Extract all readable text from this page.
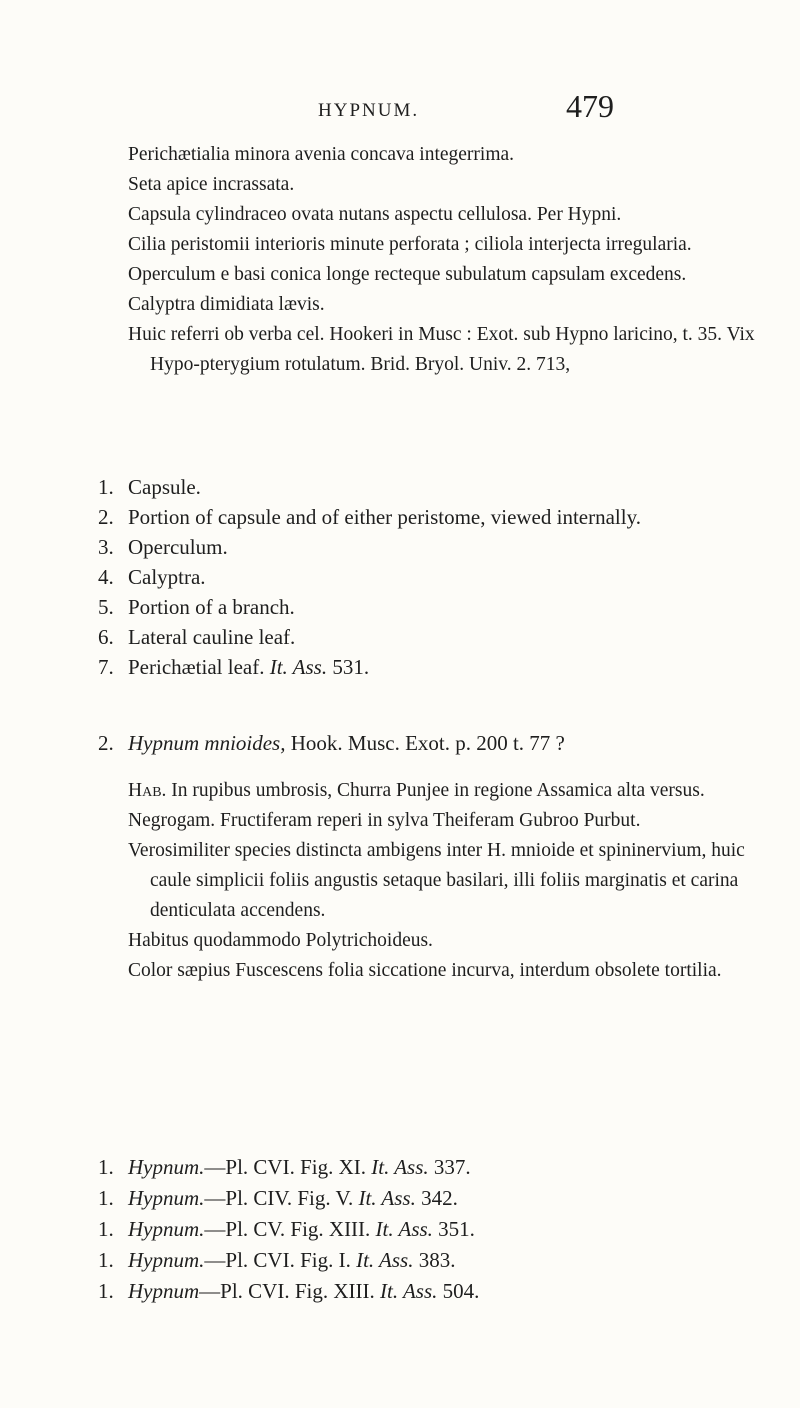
HYPNUM.	479

Perichætialia minora avenia concava integerrima.

Seta apice incrassata.

Capsula cylindraceo ovata nutans aspectu cellulosa. Per Hypni.

Cilia peristomii interioris minute perforata ; ciliola interjecta irregularia.

Operculum e basi conica longe recteque subulatum capsulam excedens.

Calyptra dimidiata lævis.

Huic referri ob verba cel. Hookeri in Musc : Exot. sub Hypno laricino, t. 35. Vix Hypo-pterygium rotulatum. Brid. Bryol. Univ. 2. 713,

1. Capsule.
2. Portion of capsule and of either peristome, viewed internally.
3. Operculum.
4. Calyptra.
5. Portion of a branch.
6. Lateral cauline leaf.
7. Perichætial leaf. It. Ass. 531.
2. Hypnum mnioides, Hook. Musc. Exot. p. 200 t. 77 ?

Hab. In rupibus umbrosis, Churra Punjee in regione Assamica alta versus. Negrogam. Fructiferam reperi in sylva Theiferam Gubroo Purbut.

Verosimiliter species distincta ambigens inter H. mnioide et spininervium, huic caule simplicii foliis angustis setaque basilari, illi foliis marginatis et carina denticulata accendens.

Habitus quodammodo Polytrichoideus.

Color sæpius Fuscescens folia siccatione incurva, interdum obsolete tortilia.

1. Hypnum.—Pl. CVI. Fig. XI. It. Ass. 337.
1. Hypnum.—Pl. CIV. Fig. V. It. Ass. 342.
1. Hypnum.—Pl. CV. Fig. XIII. It. Ass. 351.
1. Hypnum.—Pl. CVI. Fig. I. It. Ass. 383.
1. Hypnum—Pl. CVI. Fig. XIII. It. Ass. 504.
